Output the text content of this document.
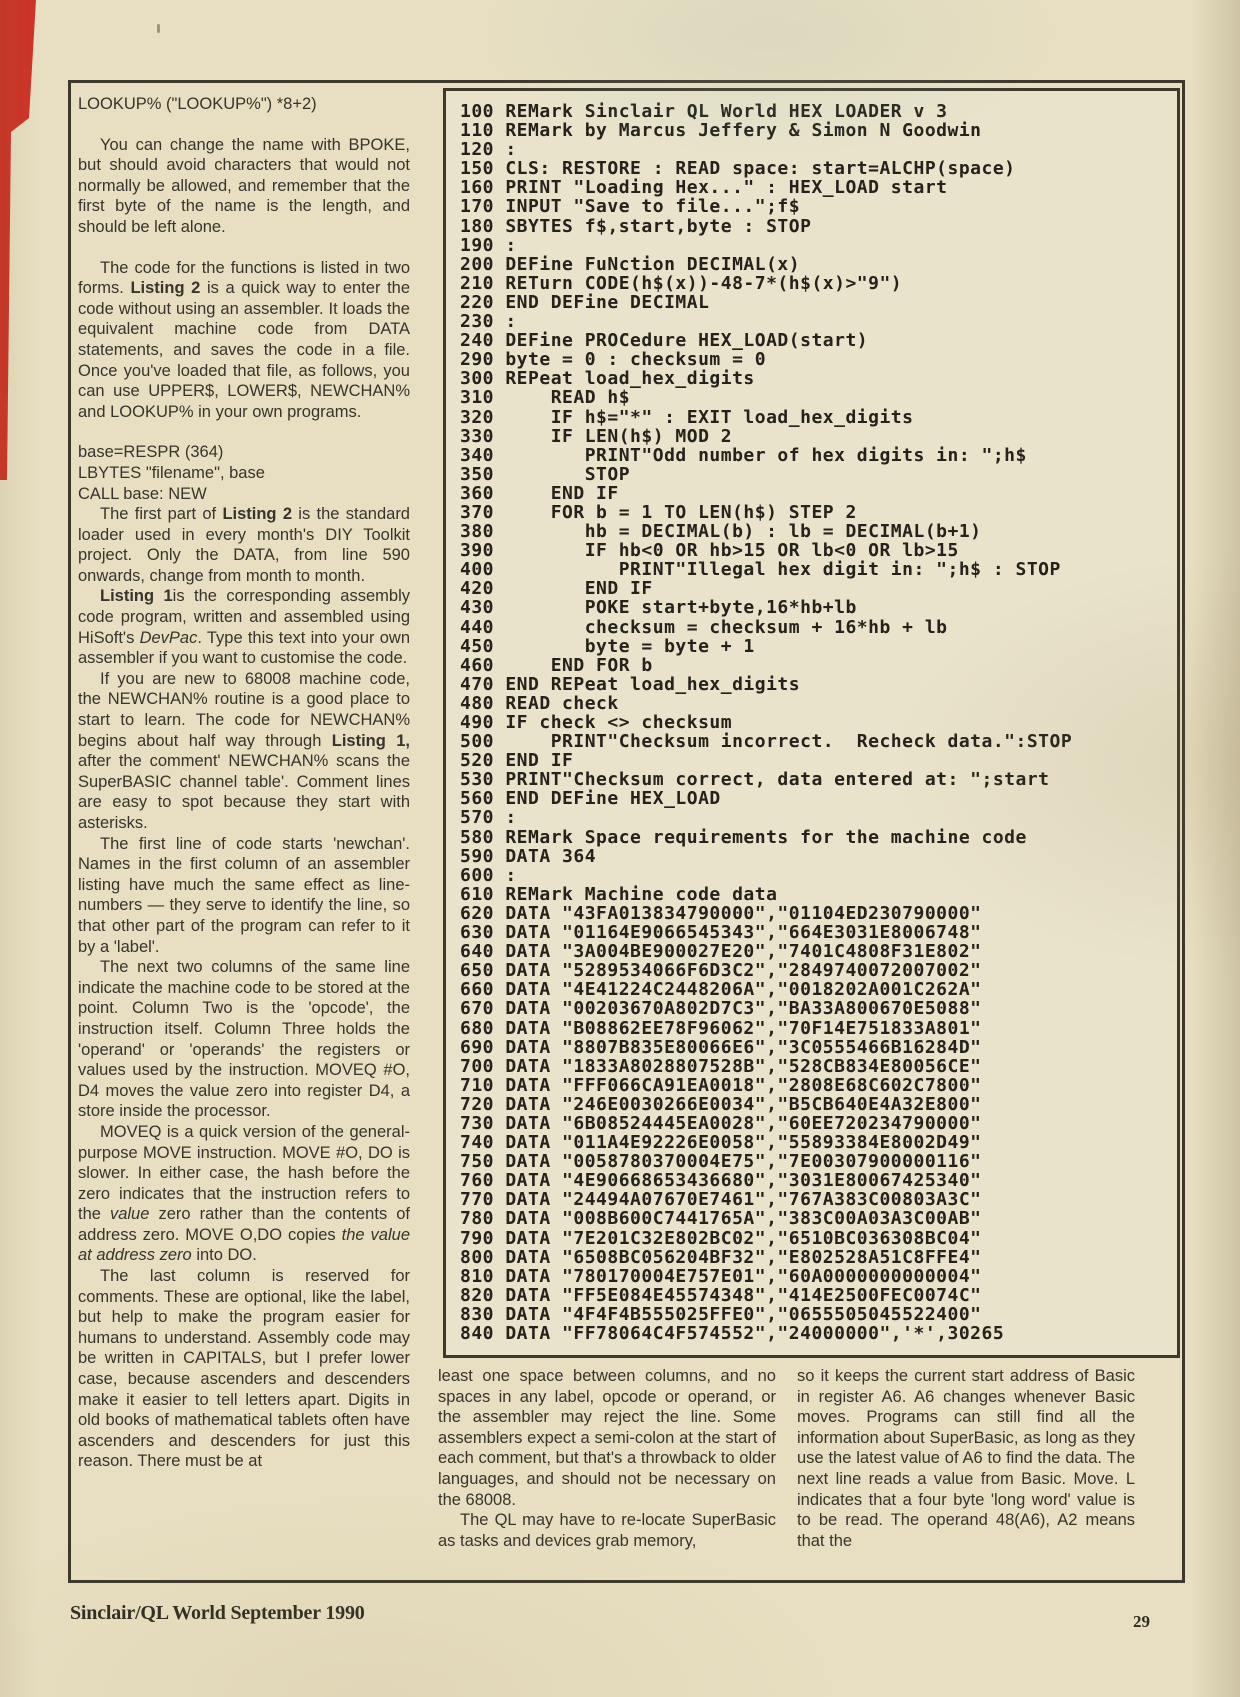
LOOKUP% ("LOOKUP%") *8+2)
You can change the name with BPOKE, but should avoid characters that would not normally be allowed, and remember that the first byte of the name is the length, and should be left alone.
The code for the functions is listed in two forms. Listing 2 is a quick way to enter the code without using an assembler. It loads the equivalent machine code from DATA statements, and saves the code in a file. Once you've loaded that file, as follows, you can use UPPER$, LOWER$, NEWCHAN% and LOOKUP% in your own programs.
base=RESPR (364)
LBYTES "filename", base
CALL base: NEW
The first part of Listing 2 is the standard loader used in every month's DIY Toolkit project. Only the DATA, from line 590 onwards, change from month to month.
Listing 1is the corresponding assembly code program, written and assembled using HiSoft's DevPac. Type this text into your own assembler if you want to customise the code.
If you are new to 68008 machine code, the NEWCHAN% routine is a good place to start to learn. The code for NEWCHAN% begins about half way through Listing 1, after the comment' NEWCHAN% scans the SuperBASIC channel table'. Comment lines are easy to spot because they start with asterisks.
The first line of code starts 'newchan'. Names in the first column of an assembler listing have much the same effect as line-numbers — they serve to identify the line, so that other part of the program can refer to it by a 'label'.
The next two columns of the same line indicate the machine code to be stored at the point. Column Two is the 'opcode', the instruction itself. Column Three holds the 'operand' or 'operands' the registers or values used by the instruction. MOVEQ #O, D4 moves the value zero into register D4, a store inside the processor.
MOVEQ is a quick version of the general-purpose MOVE instruction. MOVE #O, DO is slower. In either case, the hash before the zero indicates that the instruction refers to the value zero rather than the contents of address zero. MOVE O,DO copies the value at address zero into DO.
The last column is reserved for comments. These are optional, like the label, but help to make the program easier for humans to understand. Assembly code may be written in CAPITALS, but I prefer lower case, because ascenders and descenders make it easier to tell letters apart. Digits in old books of mathematical tablets often have ascenders and descenders for just this reason. There must be at
100 REMark Sinclair QL World HEX LOADER v 3
110 REMark by Marcus Jeffery & Simon N Goodwin
120 :
150 CLS: RESTORE : READ space: start=ALCHP(space)
160 PRINT "Loading Hex..." : HEX_LOAD start
170 INPUT "Save to file...";f$
180 SBYTES f$,start,byte : STOP
190 :
200 DEFine FuNction DECIMAL(x)
210 RETurn CODE(h$(x))-48-7*(h$(x)>"9")
220 END DEFine DECIMAL
230 :
240 DEFine PROCedure HEX_LOAD(start)
290 byte = 0 : checksum = 0
300 REPeat load_hex_digits
310     READ h$
320     IF h$="*" : EXIT load_hex_digits
330     IF LEN(h$) MOD 2
340        PRINT"Odd number of hex digits in: ";h$
350        STOP
360     END IF
370     FOR b = 1 TO LEN(h$) STEP 2
380        hb = DECIMAL(b) : lb = DECIMAL(b+1)
390        IF hb<0 OR hb>15 OR lb<0 OR lb>15
400           PRINT"Illegal hex digit in: ";h$ : STOP
420        END IF
430        POKE start+byte,16*hb+lb
440        checksum = checksum + 16*hb + lb
450        byte = byte + 1
460     END FOR b
470 END REPeat load_hex_digits
480 READ check
490 IF check <> checksum
500     PRINT"Checksum incorrect.  Recheck data.":STOP
520 END IF
530 PRINT"Checksum correct, data entered at: ";start
560 END DEFine HEX_LOAD
570 :
580 REMark Space requirements for the machine code
590 DATA 364
600 :
610 REMark Machine code data
620 DATA "43FA013834790000","01104ED230790000"
630 DATA "01164E9066545343","664E3031E8006748"
640 DATA "3A004BE900027E20","7401C4808F31E802"
650 DATA "5289534066F6D3C2","2849740072007002"
660 DATA "4E41224C2448206A","0018202A001C262A"
670 DATA "00203670A802D7C3","BA33A800670E5088"
680 DATA "B08862EE78F96062","70F14E751833A801"
690 DATA "8807B835E80066E6","3C0555466B16284D"
700 DATA "1833A8028807528B","528CB834E80056CE"
710 DATA "FFF066CA91EA0018","2808E68C602C7800"
720 DATA "246E0030266E0034","B5CB640E4A32E800"
730 DATA "6B08524445EA0028","60EE720234790000"
740 DATA "011A4E92226E0058","55893384E8002D49"
750 DATA "0058780370004E75","7E00307900000116"
760 DATA "4E90668653436680","3031E80067425340"
770 DATA "24494A07670E7461","767A383C00803A3C"
780 DATA "008B600C7441765A","383C00A03A3C00AB"
790 DATA "7E201C32E802BC02","6510BC036308BC04"
800 DATA "6508BC056204BF32","E802528A51C8FFE4"
810 DATA "780170004E757E01","60A0000000000004"
820 DATA "FF5E084E45574348","414E2500FEC0074C"
830 DATA "4F4F4B555025FFE0","0655505045522400"
840 DATA "FF78064C4F574552","24000000",'*',30265
least one space between columns, and no spaces in any label, opcode or operand, or the assembler may reject the line. Some assemblers expect a semi-colon at the start of each comment, but that's a throwback to older languages, and should not be necessary on the 68008.
The QL may have to re-locate SuperBasic as tasks and devices grab memory,
so it keeps the current start address of Basic in register A6. A6 changes whenever Basic moves. Programs can still find all the information about SuperBasic, as long as they use the latest value of A6 to find the data. The next line reads a value from Basic. Move. L indicates that a four byte 'long word' value is to be read. The operand 48(A6), A2 means that the
Sinclair/QL World September 1990	29
